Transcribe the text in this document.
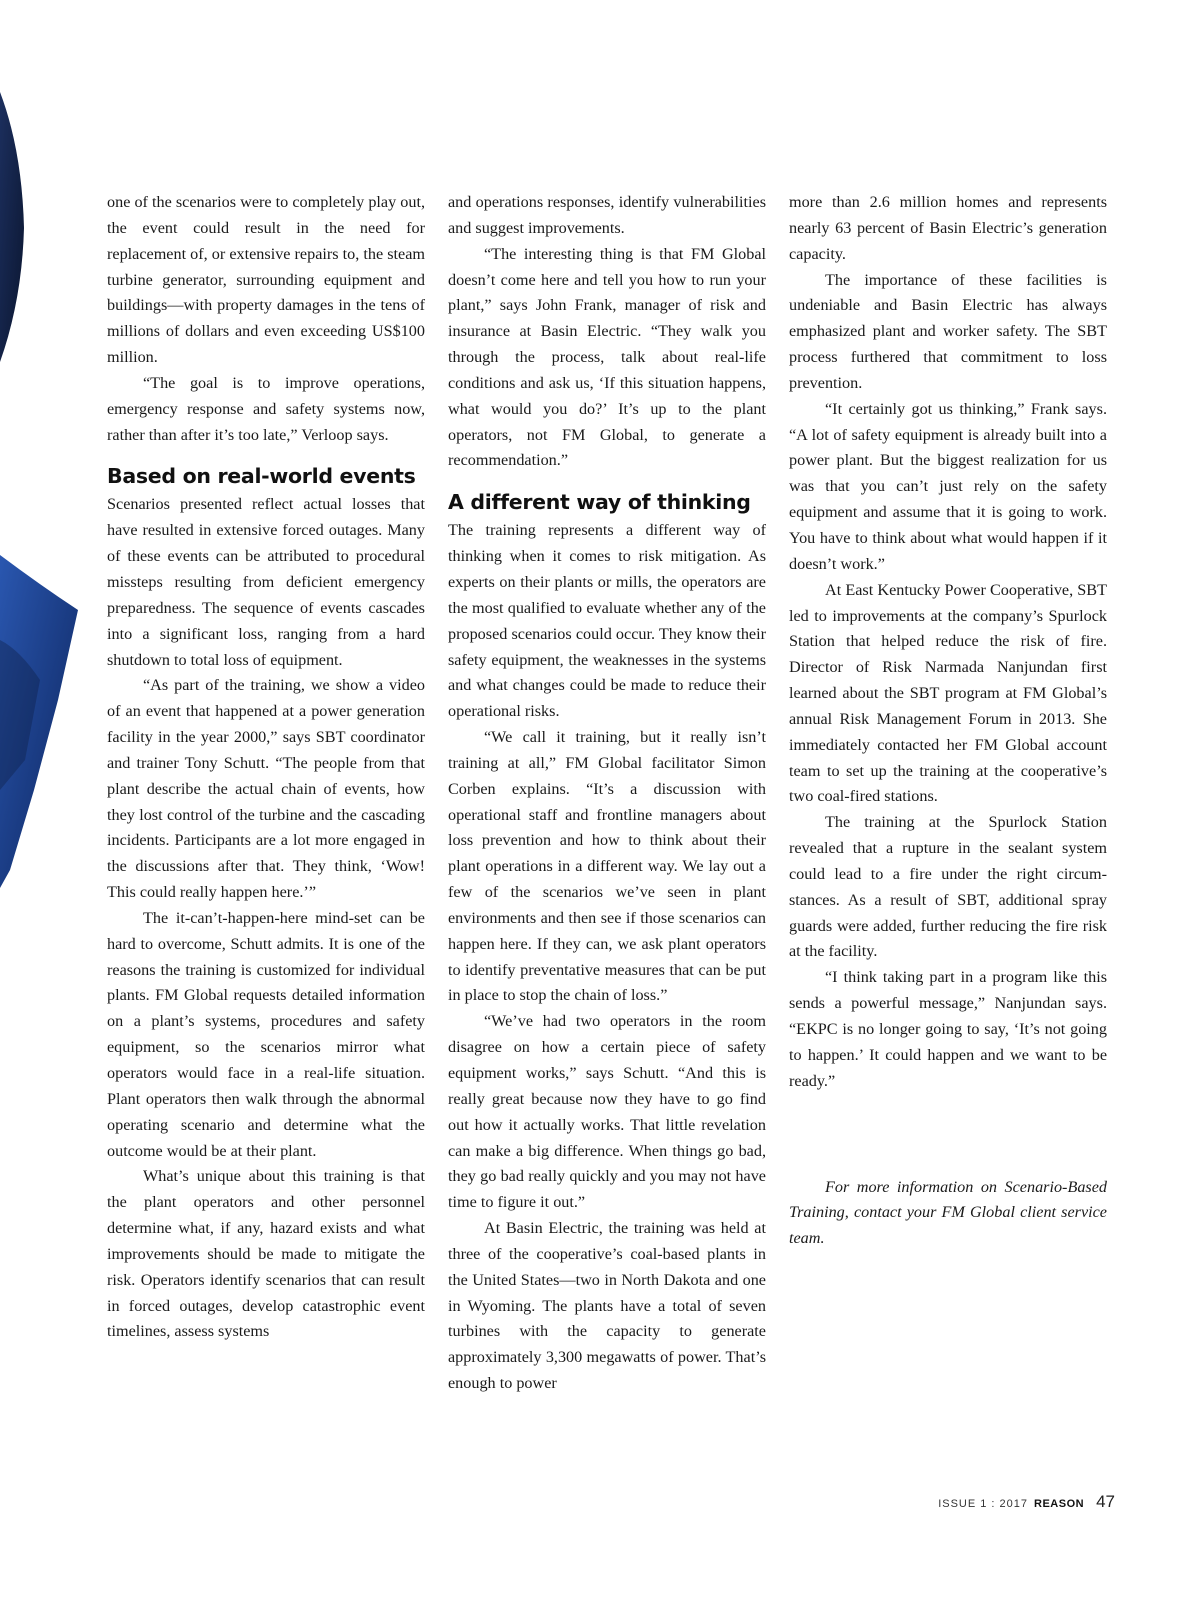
one of the scenarios were to completely play out, the event could result in the need for replacement of, or extensive repairs to, the steam turbine generator, surrounding equipment and buildings—with property damages in the tens of millions of dollars and even exceeding US$100 million.

“The goal is to improve operations, emergency response and safety systems now, rather than after it’s too late,” Verloop says.

Based on real-world events

Scenarios presented reflect actual losses that have resulted in extensive forced outages. Many of these events can be attributed to procedural missteps resulting from deficient emergency preparedness. The sequence of events cascades into a significant loss, ranging from a hard shutdown to total loss of equipment.

“As part of the training, we show a video of an event that happened at a power generation facility in the year 2000,” says SBT coordinator and trainer Tony Schutt. “The people from that plant describe the actual chain of events, how they lost control of the turbine and the cascading incidents. Participants are a lot more engaged in the discussions after that. They think, ‘Wow! This could really happen here.’”

The it-can’t-happen-here mind-set can be hard to overcome, Schutt admits. It is one of the reasons the training is customized for individual plants. FM Global requests detailed information on a plant’s systems, procedures and safety equipment, so the scenarios mirror what operators would face in a real-life situation. Plant operators then walk through the abnormal operating scenario and determine what the outcome would be at their plant.

What’s unique about this training is that the plant operators and other personnel determine what, if any, hazard exists and what improvements should be made to mitigate the risk. Operators identify scenarios that can result in forced outages, develop catastrophic event timelines, assess systems

and operations responses, identify vulnerabilities and suggest improvements.

“The interesting thing is that FM Global doesn’t come here and tell you how to run your plant,” says John Frank, manager of risk and insurance at Basin Electric. “They walk you through the process, talk about real-life conditions and ask us, ‘If this situation happens, what would you do?’ It’s up to the plant operators, not FM Global, to generate a recommendation.”

A different way of thinking

The training represents a different way of thinking when it comes to risk mitigation. As experts on their plants or mills, the operators are the most qualified to evaluate whether any of the proposed scenarios could occur. They know their safety equipment, the weaknesses in the systems and what changes could be made to reduce their operational risks.

“We call it training, but it really isn’t training at all,” FM Global facilitator Simon Corben explains. “It’s a discussion with operational staff and frontline managers about loss prevention and how to think about their plant operations in a different way. We lay out a few of the scenarios we’ve seen in plant environments and then see if those scenarios can happen here. If they can, we ask plant operators to identify preventative measures that can be put in place to stop the chain of loss.”

“We’ve had two operators in the room disagree on how a certain piece of safety equipment works,” says Schutt. “And this is really great because now they have to go find out how it actually works. That little revelation can make a big difference. When things go bad, they go bad really quickly and you may not have time to figure it out.”

At Basin Electric, the training was held at three of the cooperative’s coal-based plants in the United States—two in North Dakota and one in Wyoming. The plants have a total of seven turbines with the capacity to generate approximately 3,300 megawatts of power. That’s enough to power

more than 2.6 million homes and represents nearly 63 percent of Basin Electric’s generation capacity.

The importance of these facilities is undeniable and Basin Electric has always emphasized plant and worker safety. The SBT process furthered that commitment to loss prevention.

“It certainly got us thinking,” Frank says. “A lot of safety equipment is already built into a power plant. But the biggest realization for us was that you can’t just rely on the safety equipment and assume that it is going to work. You have to think about what would happen if it doesn’t work.”

At East Kentucky Power Cooperative, SBT led to improvements at the company’s Spurlock Station that helped reduce the risk of fire. Director of Risk Narmada Nanjundan first learned about the SBT program at FM Global’s annual Risk Management Forum in 2013. She immediately contacted her FM Global account team to set up the training at the cooperative’s two coal-fired stations.

The training at the Spurlock Station revealed that a rupture in the sealant system could lead to a fire under the right circumstances. As a result of SBT, additional spray guards were added, further reducing the fire risk at the facility.

“I think taking part in a program like this sends a powerful message,” Nanjundan says. “EKPC is no longer going to say, ‘It’s not going to happen.’ It could happen and we want to be ready.”

For more information on Scenario-Based Training, contact your FM Global client service team.

ISSUE 1 : 2017 REASON 47
